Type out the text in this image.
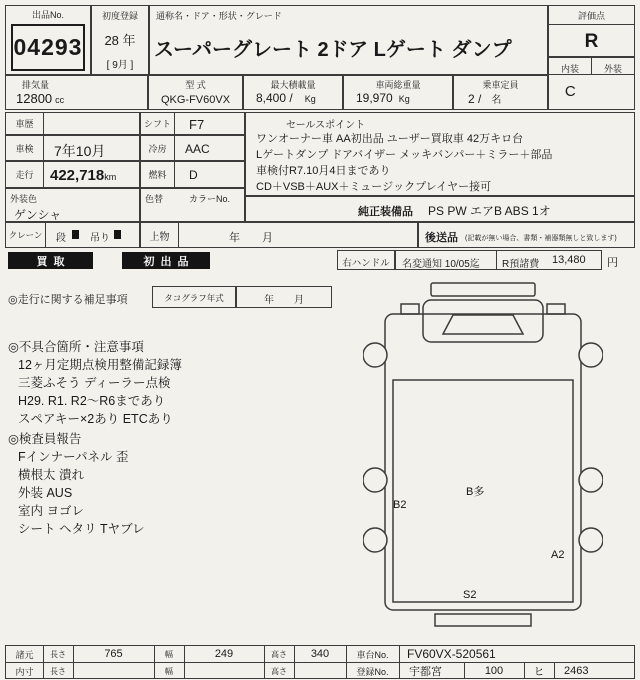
出品No.
04293
初度登録
28 年
[ 9月 ]
通称名・ドア・形状・グレード
スーパーグレート 2ドア Lゲート ダンプ
評価点
R
内装	外装
C
排気量
12800 cc
型 式
QKG-FV60VX
最大積載量
8,400 / Kg
車両総重量
19,970 Kg
乗車定員
2 / 名
車歴	シフト	F7
車検	7年10月	冷房	AAC
走行	422,718km	燃料	D
外装色
ゲンシャ
色替	カラーNo.
クレーン	段 吊り	上物	年　　月
セールスポイント
ワンオーナー車 AA初出品 ユーザー買取車 42万キロ台
Lゲートダンプ ドアバイザー メッキバンパー＋ミラー＋部品
車検付R7.10月4日まであり
CD＋VSB＋AUX＋ミュージックプレイヤー接可
純正装備品 PS PW エアB ABS 1オ
後送品 (記載が無い場合、書類・補器類無しと致します)
買取	初出品	右ハンドル	名変通知 10/05迄 R預諸費 13,480 円
◎走行に関する補足事項	タコグラフ年式	年　　月
◎不具合箇所・注意事項
12ヶ月定期点検用整備記録簿
三菱ふそう ディーラー点検
H29. R1. R2～R6まであり
スペアキー×2あり ETCあり
◎検査員報告
Fインナーパネル 歪
横根太 潰れ
外装 AUS
室内 ヨゴレ
シート ヘタリ Tヤブレ
B2
B多
A2
S2
諸元	長さ	765	幅	249	高さ	340	車台No.	FV60VX-520561
内寸	長さ	幅	高さ	登録No.	宇都宮	100	ヒ	2463
